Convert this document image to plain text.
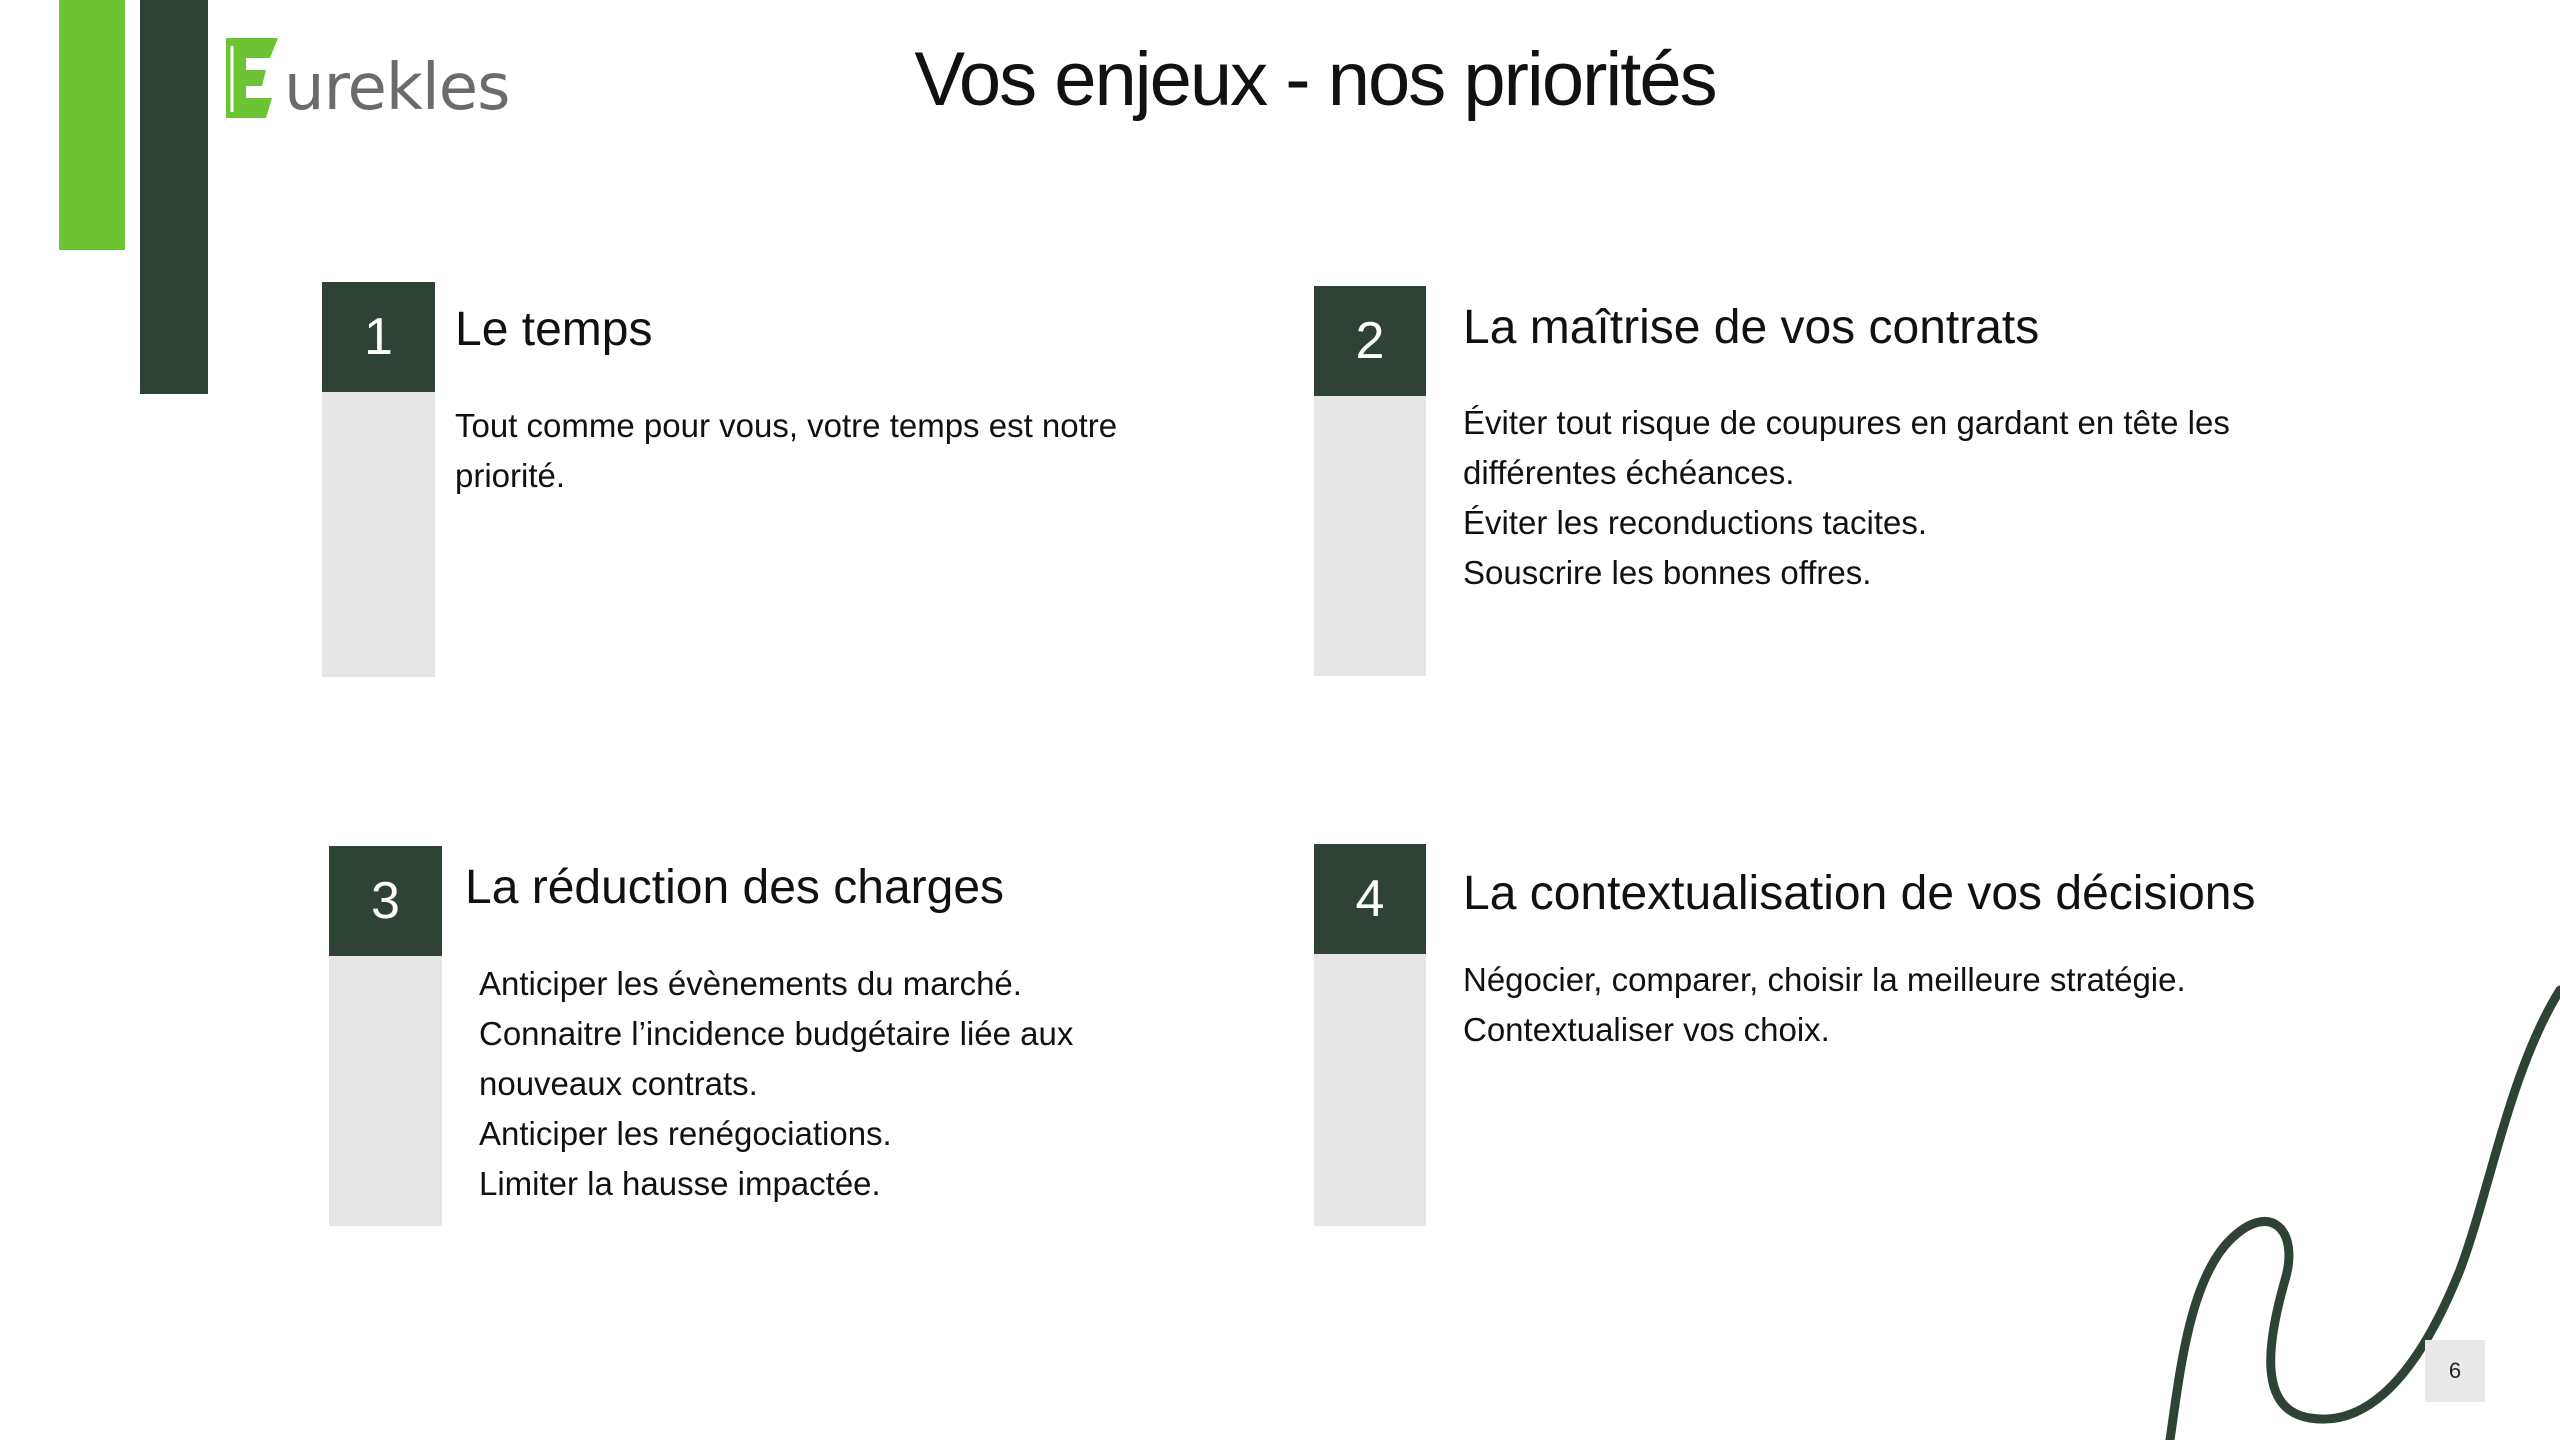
urekles	Vos enjeux - nos priorités
1	Le temps
Tout comme pour vous, votre temps est notre
priorité.
2	La maîtrise de vos contrats
Éviter tout risque de coupures en gardant en tête les
différentes échéances.
Éviter les reconductions tacites.
Souscrire les bonnes offres.
3	La réduction des charges
Anticiper les évènements du marché.
Connaitre l’incidence budgétaire liée aux
nouveaux contrats.
Anticiper les renégociations.
Limiter la hausse impactée.
4	La contextualisation de vos décisions
Négocier, comparer, choisir la meilleure stratégie.
Contextualiser vos choix.
6
